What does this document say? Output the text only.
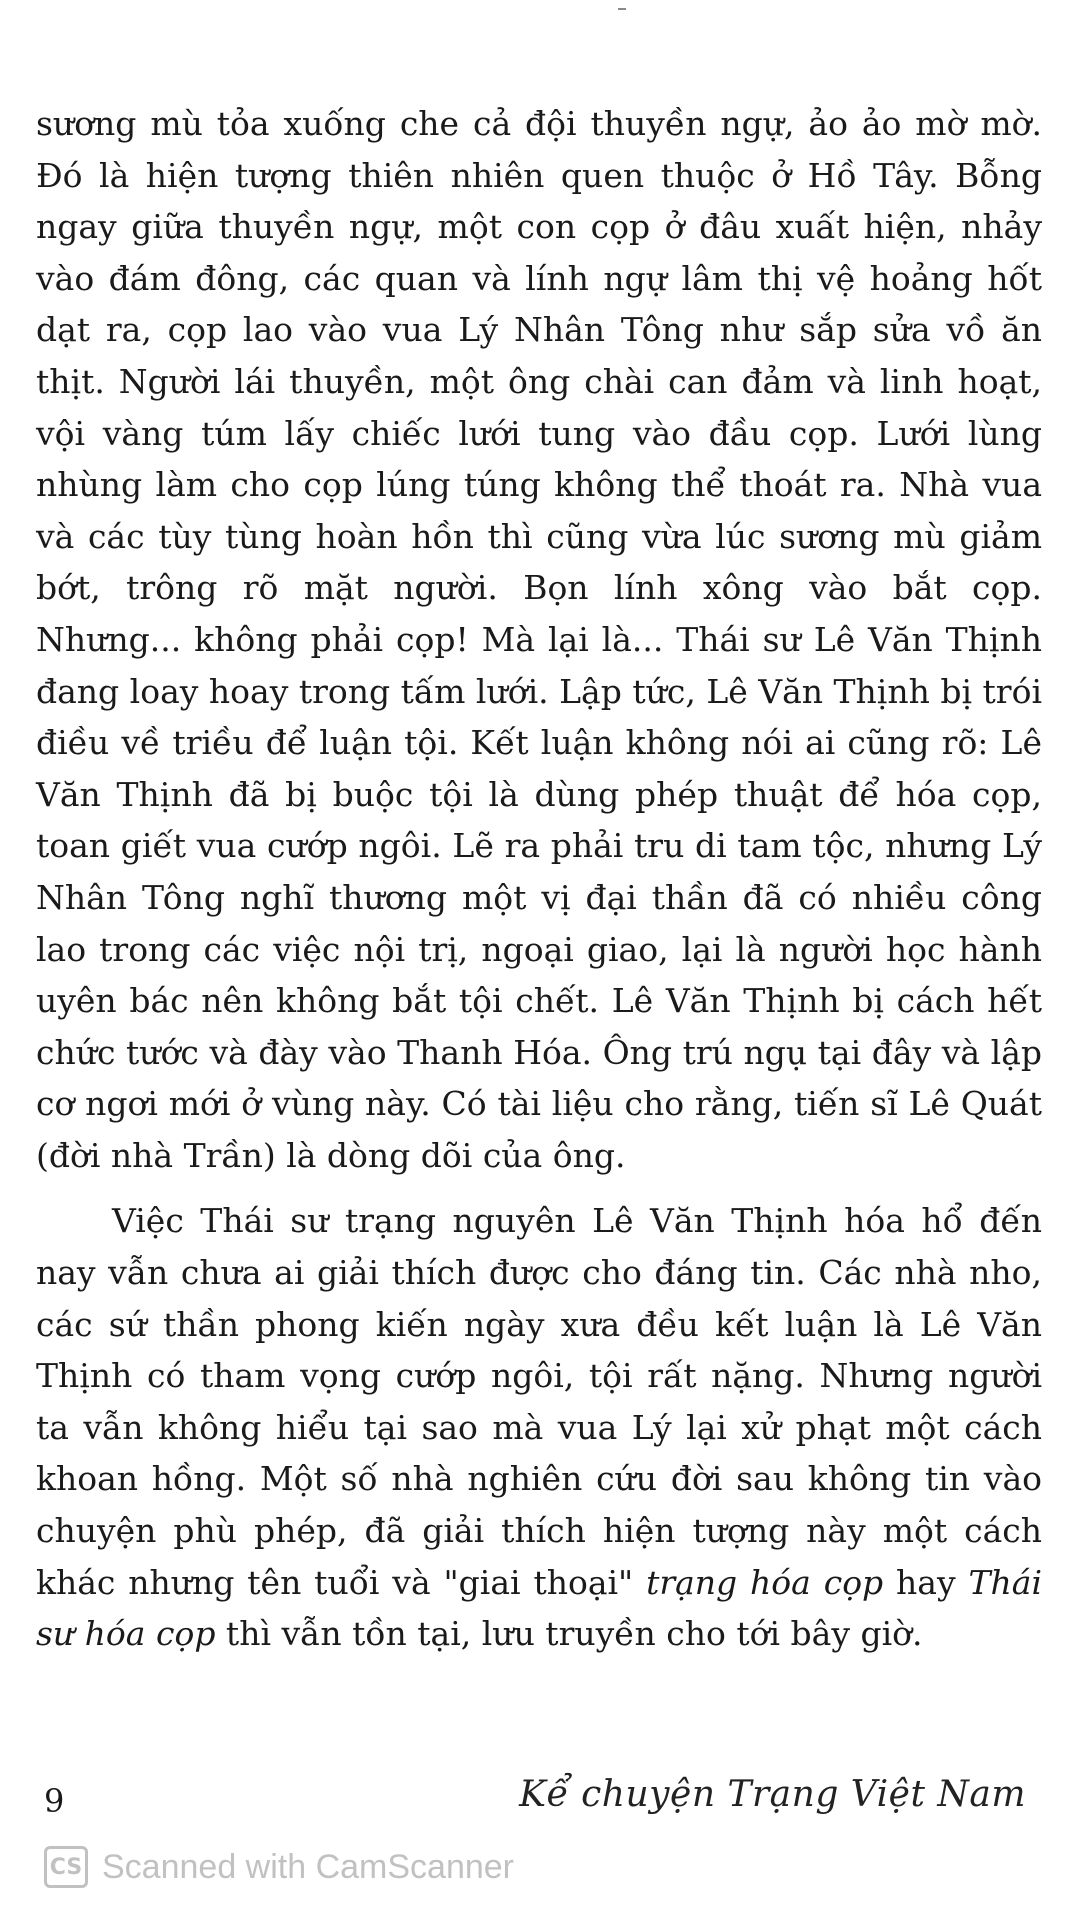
sương mù tỏa xuống che cả đội thuyền ngự, ảo ảo mờ mờ. Đó là hiện tượng thiên nhiên quen thuộc ở Hồ Tây. Bỗng ngay giữa thuyền ngự, một con cọp ở đâu xuất hiện, nhảy vào đám đông, các quan và lính ngự lâm thị vệ hoảng hốt dạt ra, cọp lao vào vua Lý Nhân Tông như sắp sửa vồ ăn thịt. Người lái thuyền, một ông chài can đảm và linh hoạt, vội vàng túm lấy chiếc lưới tung vào đầu cọp. Lưới lùng nhùng làm cho cọp lúng túng không thể thoát ra. Nhà vua và các tùy tùng hoàn hồn thì cũng vừa lúc sương mù giảm bớt, trông rõ mặt người. Bọn lính xông vào bắt cọp. Nhưng... không phải cọp! Mà lại là... Thái sư Lê Văn Thịnh đang loay hoay trong tấm lưới. Lập tức, Lê Văn Thịnh bị trói điều về triều để luận tội. Kết luận không nói ai cũng rõ: Lê Văn Thịnh đã bị buộc tội là dùng phép thuật để hóa cọp, toan giết vua cướp ngôi. Lẽ ra phải tru di tam tộc, nhưng Lý Nhân Tông nghĩ thương một vị đại thần đã có nhiều công lao trong các việc nội trị, ngoại giao, lại là người học hành uyên bác nên không bắt tội chết. Lê Văn Thịnh bị cách hết chức tước và đày vào Thanh Hóa. Ông trú ngụ tại đây và lập cơ ngơi mới ở vùng này. Có tài liệu cho rằng, tiến sĩ Lê Quát (đời nhà Trần) là dòng dõi của ông.

Việc Thái sư trạng nguyên Lê Văn Thịnh hóa hổ đến nay vẫn chưa ai giải thích được cho đáng tin. Các nhà nho, các sứ thần phong kiến ngày xưa đều kết luận là Lê Văn Thịnh có tham vọng cướp ngôi, tội rất nặng. Nhưng người ta vẫn không hiểu tại sao mà vua Lý lại xử phạt một cách khoan hồng. Một số nhà nghiên cứu đời sau không tin vào chuyện phù phép, đã giải thích hiện tượng này một cách khác nhưng tên tuổi và "giai thoại" trạng hóa cọp hay Thái sư hóa cọp thì vẫn tồn tại, lưu truyền cho tới bây giờ.

9	Kể chuyện Trạng Việt Nam
CS Scanned with CamScanner
